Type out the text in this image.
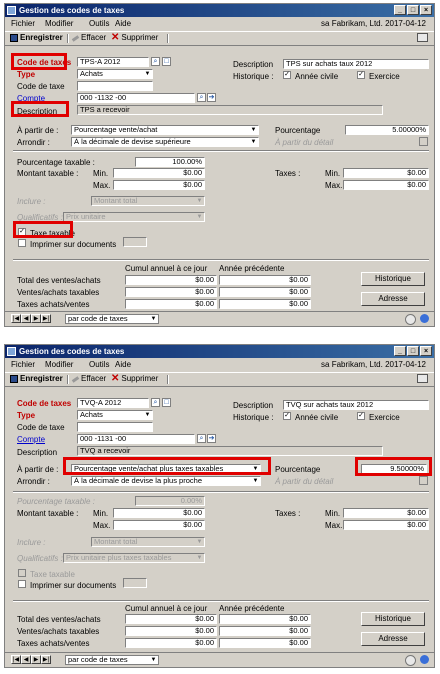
Gestion des codes de taxes	_	□	×
Fichier Modifier Outils Aide	sa Fabrikam, Ltd. 2017-04-12
Enregistrer Effacer ✕ Supprimer
Code de taxes	TPS-A 2012	⌕ □
Type	Achats	▼
Code de taxe
Compte	000 -1132 -00	⌕ ➔
Description	TPS a recevoir
Description	TPS sur achats taux 2012
Historique : ✓ Année civile	✓ Exercice
À partir de :	Pourcentage vente/achat	▼
Arrondir :	À la décimale de devise supérieure	▼
Pourcentage	5.00000%
À partir du détail
Pourcentage taxable :	100.00%
Montant taxable : Min.	$0.00
Max.	$0.00
Taxes :	Min.	$0.00
Max.	$0.00
Inclure :	Montant total	▼
Qualificatifs : Prix unitaire	▼
✓ Taxe taxable
Imprimer sur documents
Cumul annuel à ce jour Année précédente
Total des ventes/achats	$0.00	$0.00
Ventes/achats taxables	$0.00	$0.00
Taxes achats/ventes	$0.00	$0.00
Historique
Adresse
|◀ ◀ ▶ ▶|	par code de taxes	▼
Gestion des codes de taxes	_	□	×
Fichier Modifier Outils Aide	sa Fabrikam, Ltd. 2017-04-12
Enregistrer Effacer ✕ Supprimer
Code de taxes	TVQ-A 2012	⌕ □
Type	Achats	▼
Code de taxe
Compte	000 -1131 -00	⌕ ➔
Description	TVQ a recevoir
Description	TVQ sur achats taux 2012
Historique : ✓ Année civile	✓ Exercice
À partir de :	Pourcentage vente/achat plus taxes taxables	▼
Arrondir :	À la décimale de devise la plus proche	▼
Pourcentage	9.50000%
À partir du détail
Pourcentage taxable :	0.00%
Montant taxable : Min.	$0.00
Max.	$0.00
Taxes :	Min.	$0.00
Max.	$0.00
Inclure :	Montant total	▼
Qualificatifs : Prix unitaire plus taxes taxables	▼
Taxe taxable
Imprimer sur documents
Cumul annuel à ce jour Année précédente
Total des ventes/achats	$0.00	$0.00
Ventes/achats taxables	$0.00	$0.00
Taxes achats/ventes	$0.00	$0.00
Historique
Adresse
|◀ ◀ ▶ ▶|	par code de taxes	▼
